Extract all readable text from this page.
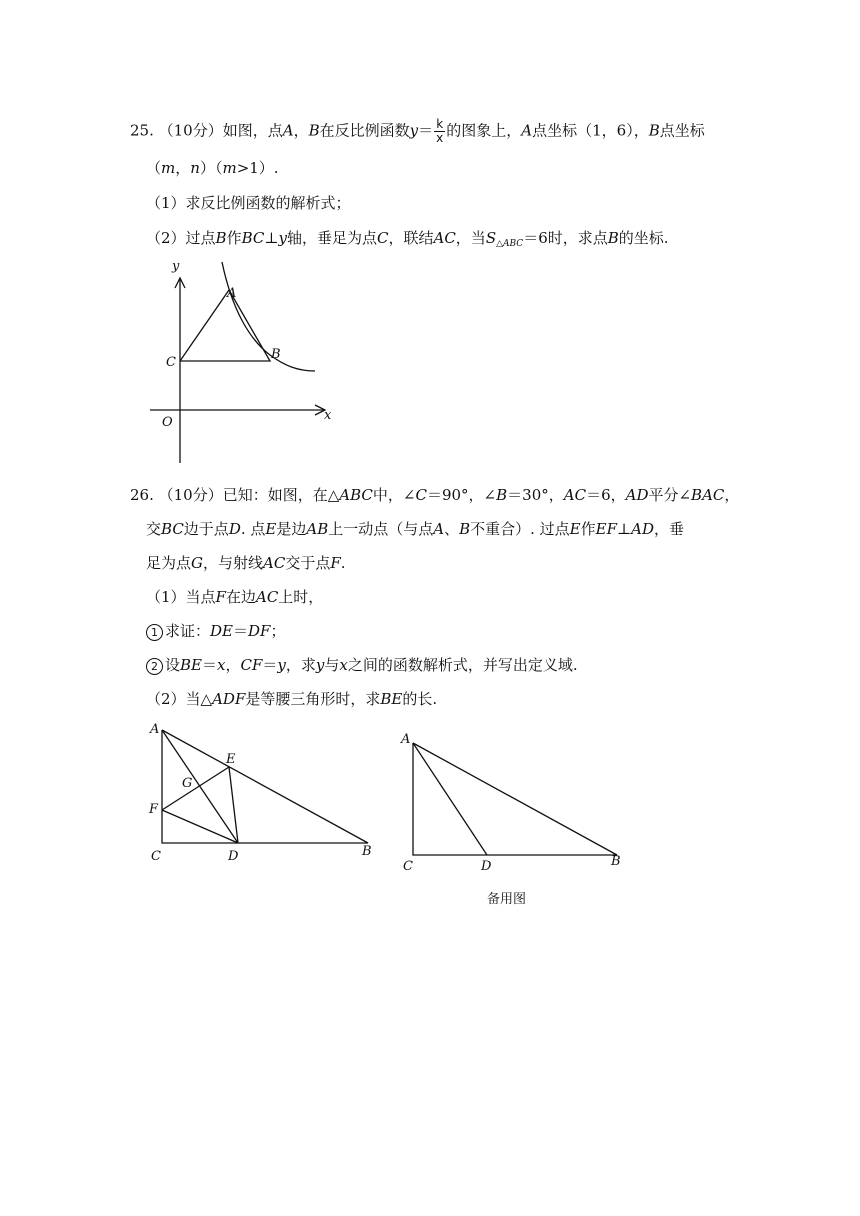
25. （10分）如图，点A，B在反比例函数$y= \frac{k}{x}$ 的图象上，A点坐标（1，6），B点坐标
（m，n）（m>1）.
（1）求反比例函数的解析式；
（2）过点B作BC⊥y轴，垂足为点C，联结AC，当$S_{\triangle ABC}=6$时，求点B的坐标.
y
x
O
A
B
C
26. （10分）已知：如图，在△ABC中，∠C＝90°，∠B＝30°，AC＝6，AD平分∠BAC，
交BC边于点D. 点E是边AB上一动点（与点A、B不重合）. 过点E作EF⊥AD，垂
足为点G，与射线AC交于点F.
（1）当点F在边AC上时，
1 求证：DE＝DF；
2 设BE＝x，CF＝y，求y与x之间的函数解析式，并写出定义域.
（2）当△ADF是等腰三角形时，求BE的长.
A
E
G
F
C	D	B
A
C	D	B
备用图
